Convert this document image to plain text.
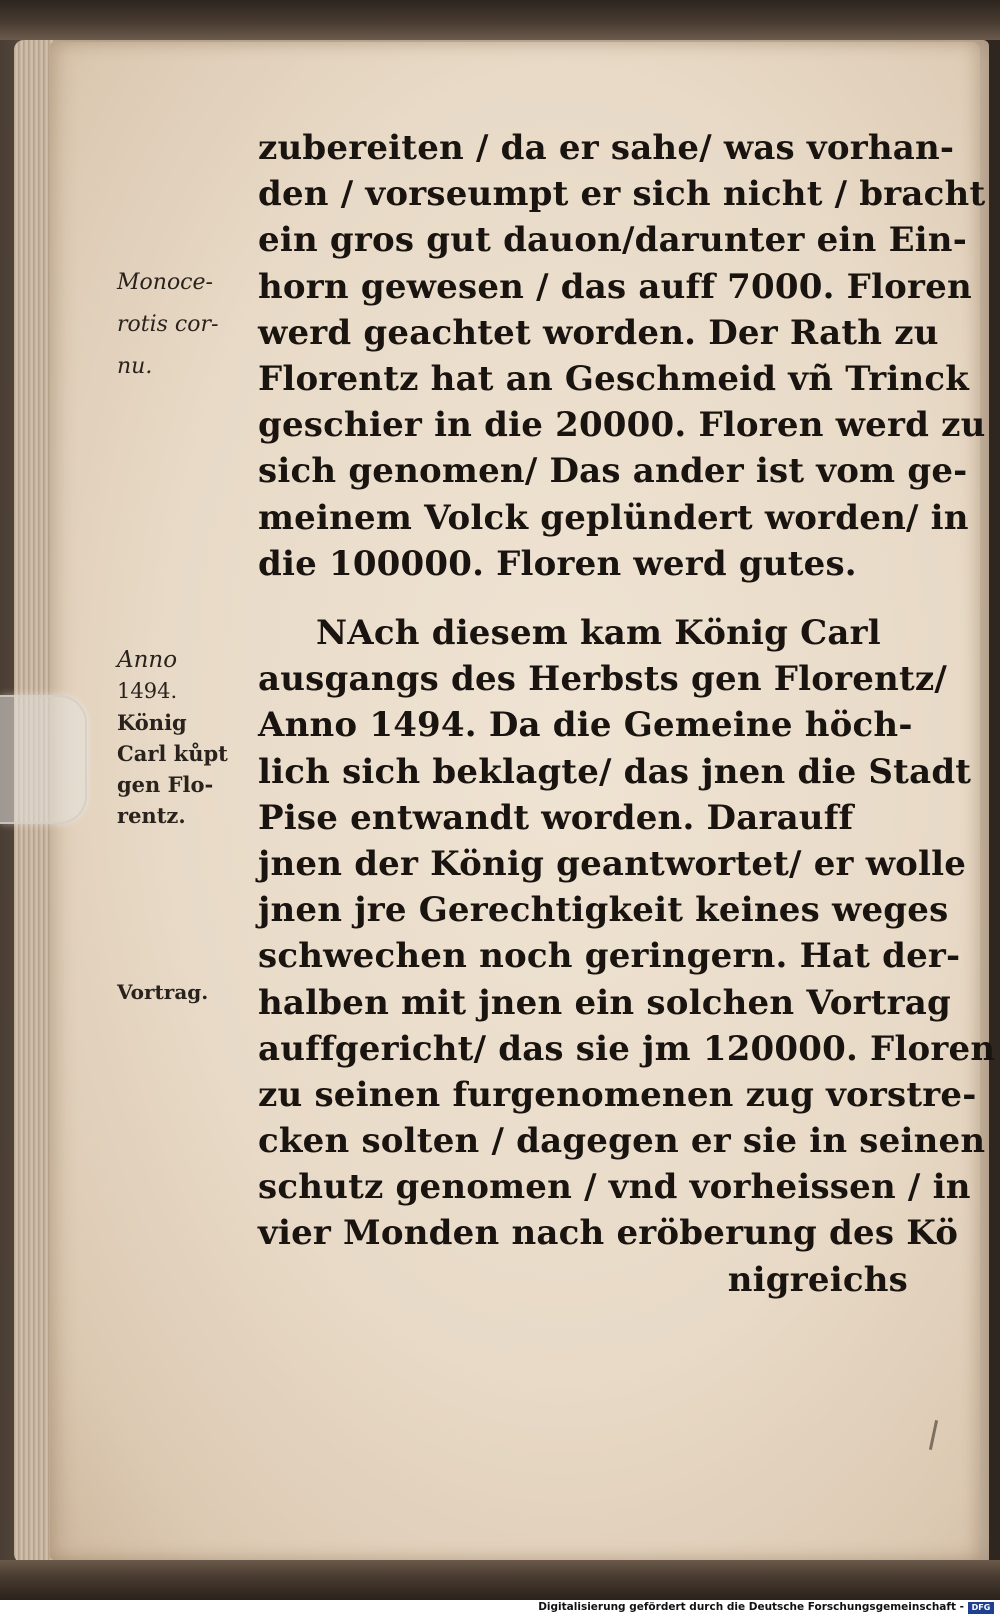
zubereiten / da er sahe/ was vorhan-
den / vorseumpt er sich nicht / bracht
ein gros gut dauon/darunter ein Ein-
horn gewesen / das auff 7000. Floren
werd geachtet worden. Der Rath zu
Florentz hat an Geschmeid vñ Trinck
geschier in die 20000. Floren werd zu
sich genomen/ Das ander ist vom ge-
meinem Volck geplündert worden/ in
die 100000. Floren werd gutes.
NAch diesem kam König Carl
ausgangs des Herbsts gen Florentz/
Anno 1494. Da die Gemeine höch-
lich sich beklagte/ das jnen die Stadt
Pise entwandt worden. Darauff
jnen der König geantwortet/ er wolle
jnen jre Gerechtigkeit keines weges
schwechen noch geringern. Hat der-
halben mit jnen ein solchen Vortrag
auffgericht/ das sie jm 120000. Floren
zu seinen furgenomenen zug vorstre-
cken solten / dagegen er sie in seinen
schutz genomen / vnd vorheissen / in
vier Monden nach eröberung des Kö
nigreichs
Monoce-
rotis cor-
nu.
Anno
1494.
König
Carl kůpt
gen Flo-
rentz.
Vortrag.
Digitalisierung gefördert durch die Deutsche Forschungsgemeinschaft - DFG
